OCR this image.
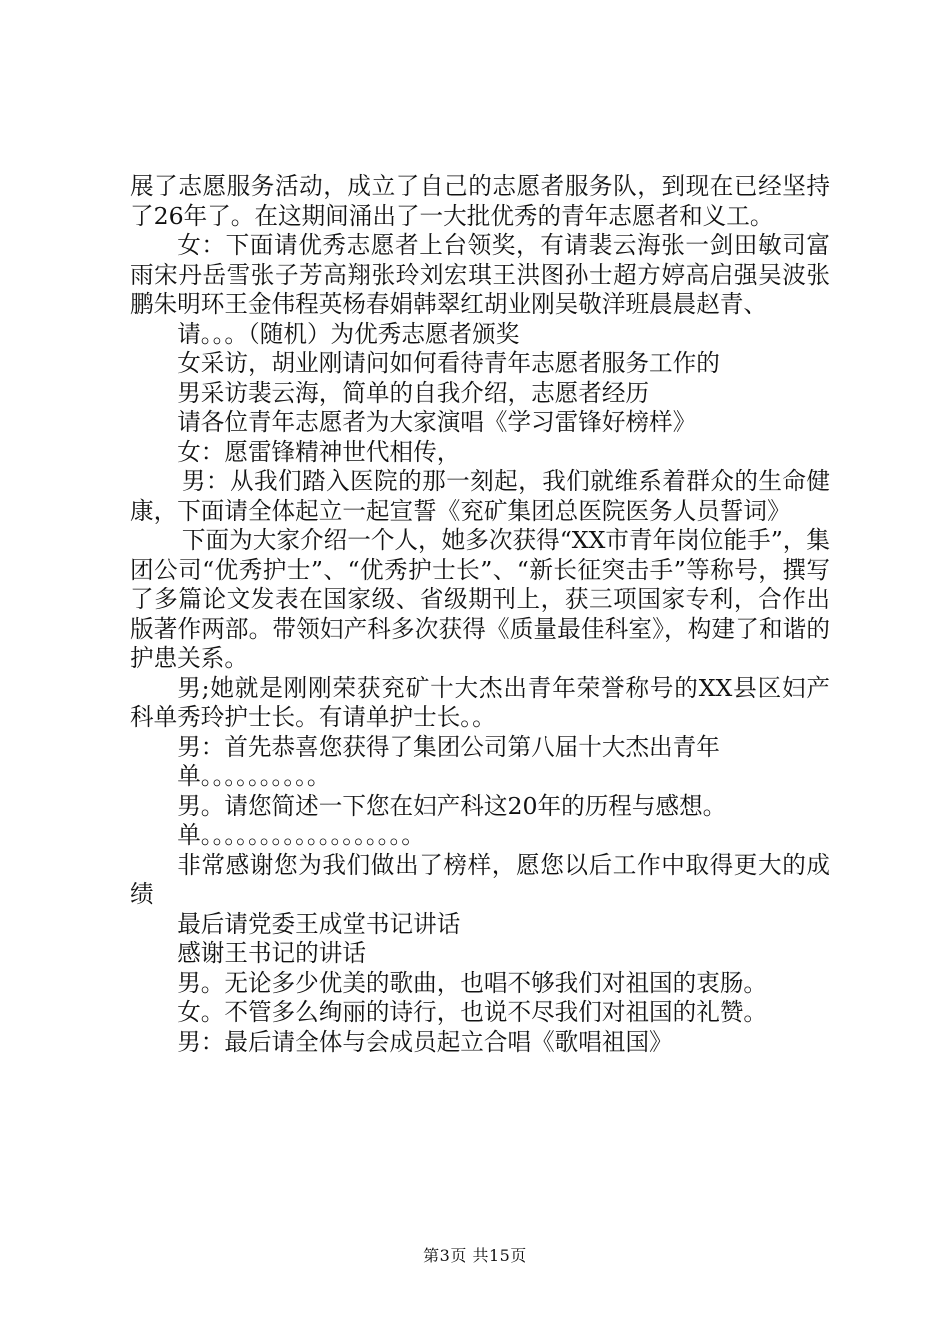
展了志愿服务活动，成立了自己的志愿者服务队，到现在已经坚持了26年了。在这期间涌出了一大批优秀的青年志愿者和义工。

女：下面请优秀志愿者上台领奖，有请裴云海张一剑田敏司富雨宋丹岳雪张子芳高翔张玲刘宏琪王洪图孙士超方婷高启强吴波张鹏朱明环王金伟程英杨春娟韩翠红胡业刚吴敬洋班晨晨赵青、

请。。。（随机）为优秀志愿者颁奖

女采访，胡业刚请问如何看待青年志愿者服务工作的

男采访裴云海，简单的自我介绍，志愿者经历

请各位青年志愿者为大家演唱《学习雷锋好榜样》

女：愿雷锋精神世代相传，

男：从我们踏入医院的那一刻起，我们就维系着群众的生命健康，下面请全体起立一起宣誓《兖矿集团总医院医务人员誓词》

下面为大家介绍一个人，她多次获得“XX市青年岗位能手”，集团公司“优秀护士”、“优秀护士长”、“新长征突击手”等称号，撰写了多篇论文发表在国家级、省级期刊上，获三项国家专利，合作出版著作两部。带领妇产科多次获得《质量最佳科室》，构建了和谐的护患关系。

男;她就是刚刚荣获兖矿十大杰出青年荣誉称号的XX县区妇产科单秀玲护士长。有请单护士长。。

男：首先恭喜您获得了集团公司第八届十大杰出青年

单。。。。。。。。。。

男。请您简述一下您在妇产科这20年的历程与感想。

单。。。。。。。。。。。。。。。。。。

非常感谢您为我们做出了榜样，愿您以后工作中取得更大的成绩

最后请党委王成堂书记讲话

感谢王书记的讲话

男。无论多少优美的歌曲，也唱不够我们对祖国的衷肠。

女。不管多么绚丽的诗行，也说不尽我们对祖国的礼赞。

男：最后请全体与会成员起立合唱《歌唱祖国》

第3页 共15页
